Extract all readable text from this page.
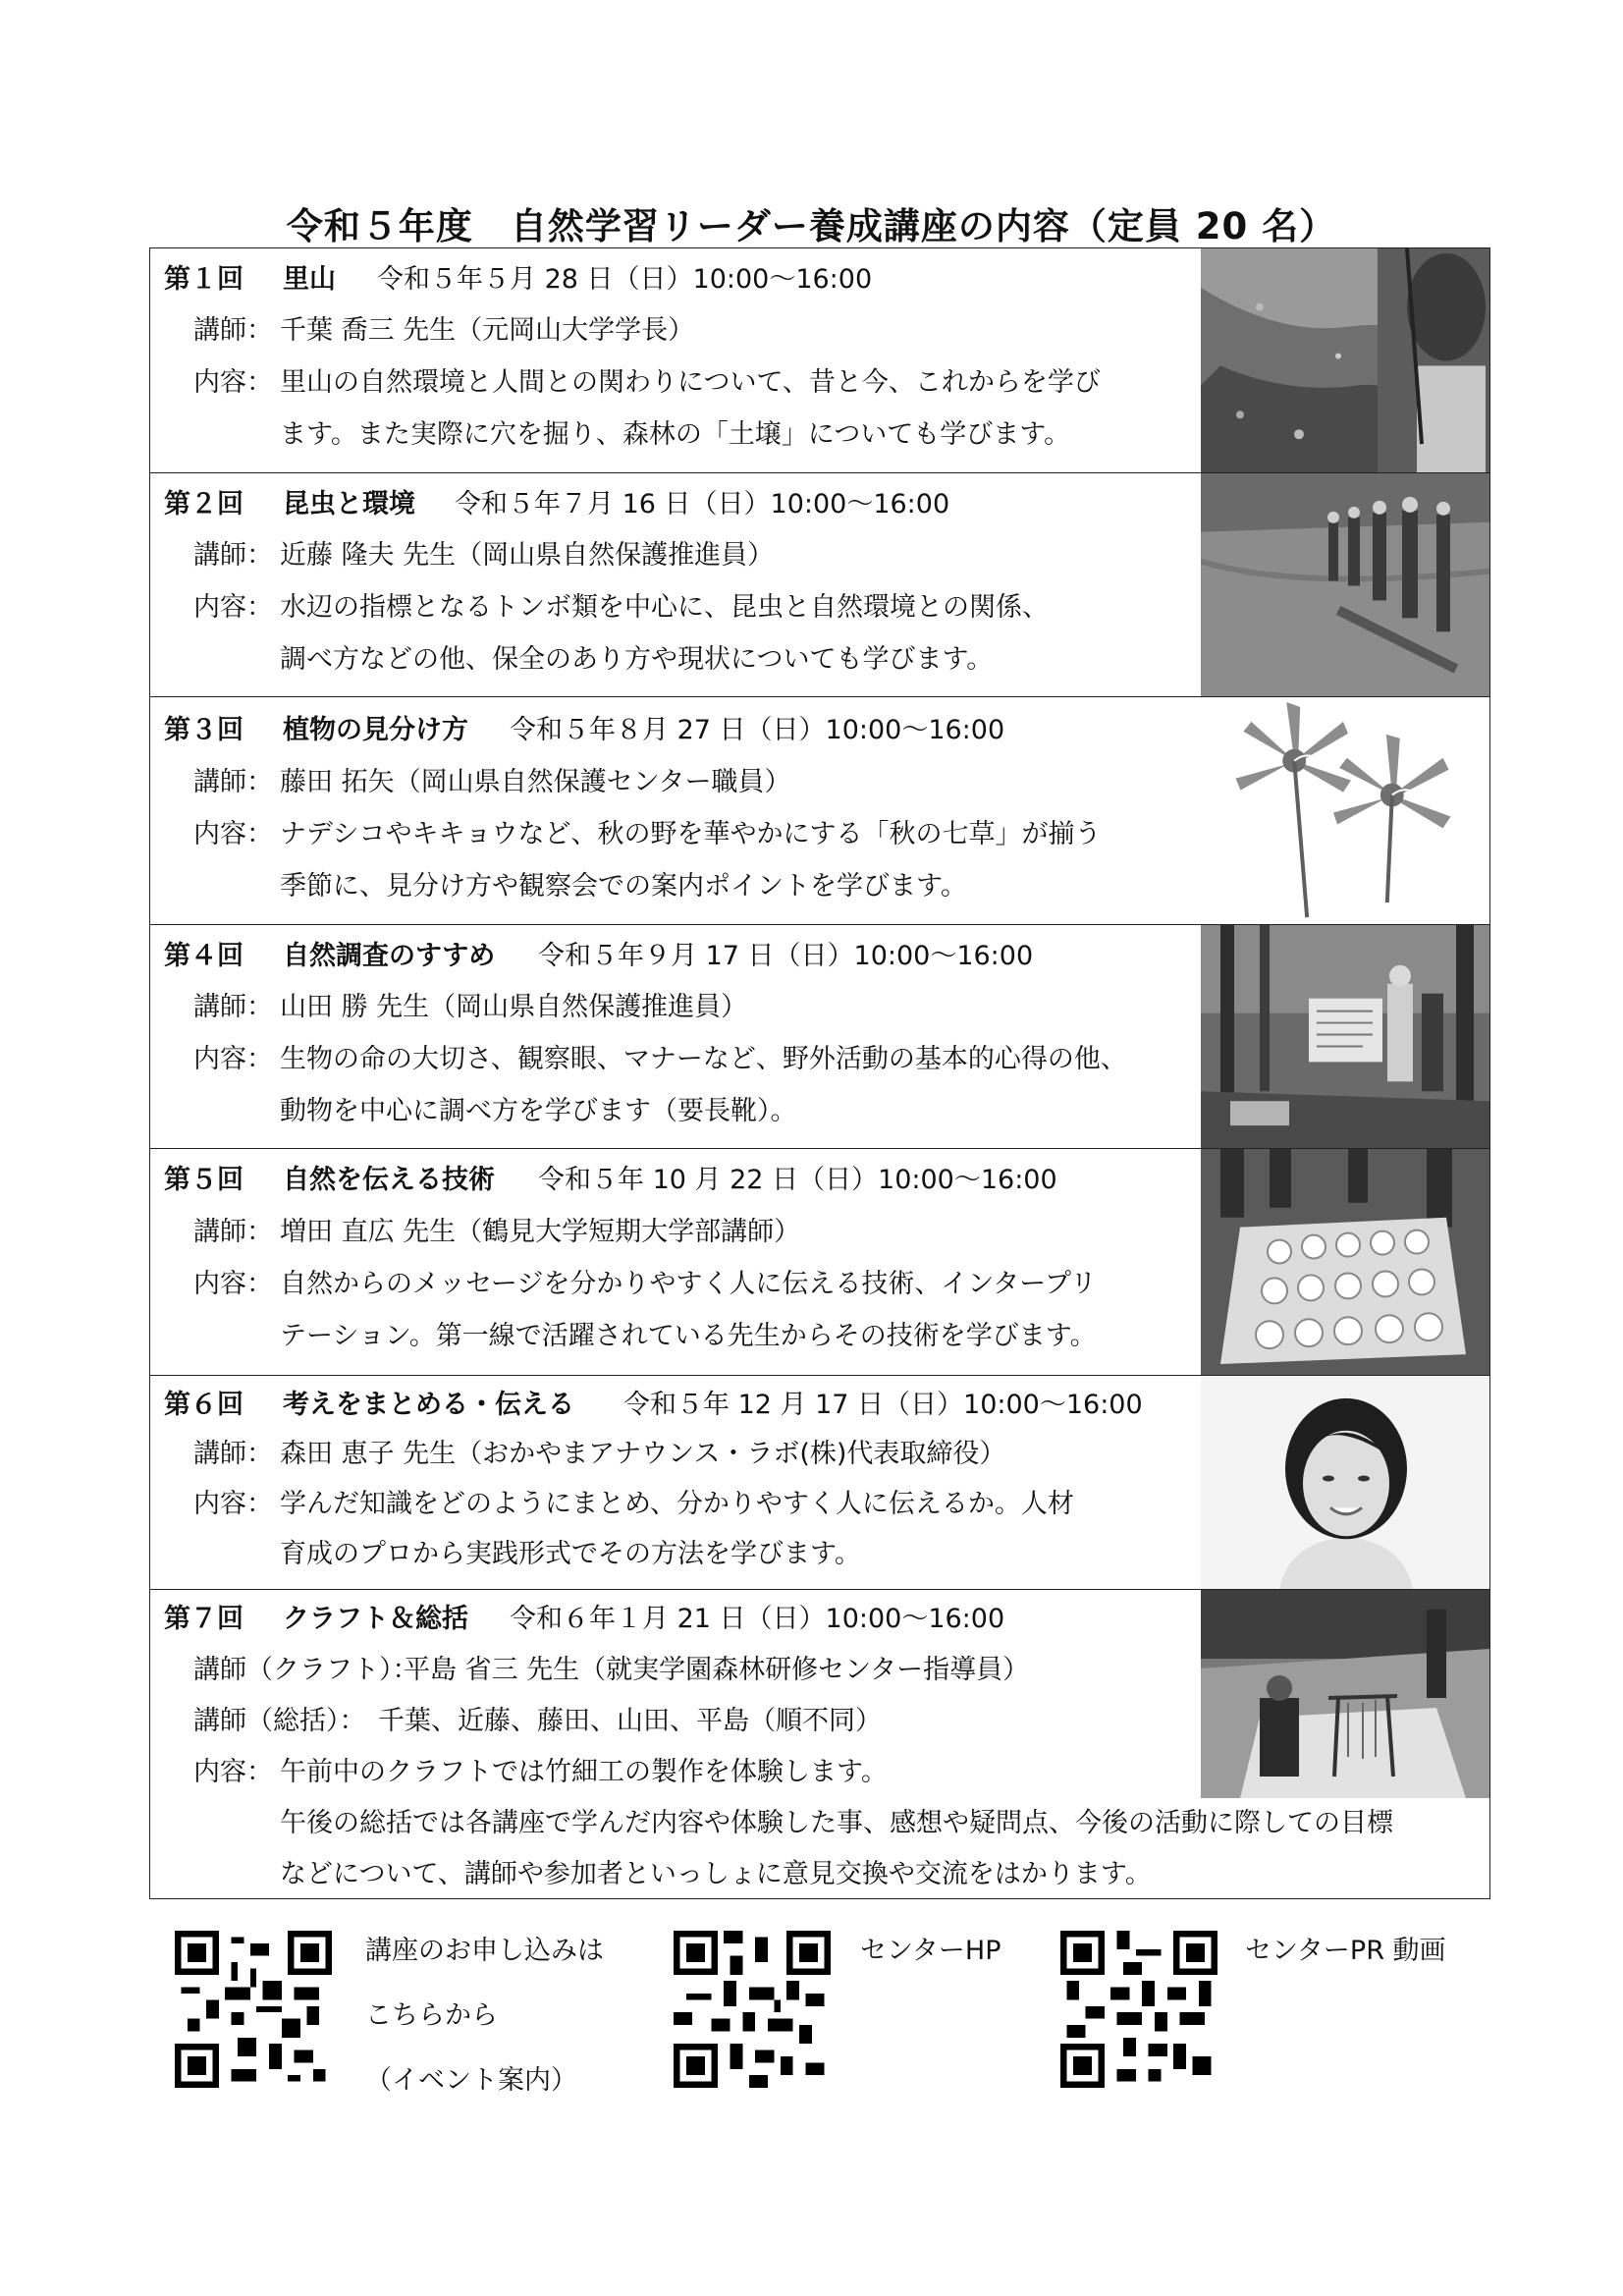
令和５年度　自然学習リーダー養成講座の内容（定員 20 名）
第１回 里山 令和５年５月 28 日（日）10:00～16:00
講師： 千葉 喬三 先生（元岡山大学学長）
内容： 里山の自然環境と人間との関わりについて、昔と今、これからを学び
ます。また実際に穴を掘り、森林の「土壌」についても学びます。
第２回 昆虫と環境 令和５年７月 16 日（日）10:00～16:00
講師： 近藤 隆夫 先生（岡山県自然保護推進員）
内容： 水辺の指標となるトンボ類を中心に、昆虫と自然環境との関係、
調べ方などの他、保全のあり方や現状についても学びます。
第３回 植物の見分け方 令和５年８月 27 日（日）10:00～16:00
講師： 藤田 拓矢（岡山県自然保護センター職員）
内容： ナデシコやキキョウなど、秋の野を華やかにする「秋の七草」が揃う
季節に、見分け方や観察会での案内ポイントを学びます。
第４回 自然調査のすすめ 令和５年９月 17 日（日）10:00～16:00
講師： 山田 勝 先生（岡山県自然保護推進員）
内容： 生物の命の大切さ、観察眼、マナーなど、野外活動の基本的心得の他、
動物を中心に調べ方を学びます（要長靴）。
第５回 自然を伝える技術 令和５年 10 月 22 日（日）10:00～16:00
講師： 増田 直広 先生（鶴見大学短期大学部講師）
内容： 自然からのメッセージを分かりやすく人に伝える技術、インタープリ
テーション。第一線で活躍されている先生からその技術を学びます。
第６回 考えをまとめる・伝える 令和５年 12 月 17 日（日）10:00～16:00
講師： 森田 恵子 先生（おかやまアナウンス・ラボ(株)代表取締役）
内容： 学んだ知識をどのようにまとめ、分かりやすく人に伝えるか。人材
育成のプロから実践形式でその方法を学びます。
第７回 クラフト＆総括 令和６年１月 21 日（日）10:00～16:00
講師（クラフト）：
平島 省三 先生（就実学園森林研修センター指導員）
講師（総括）： 千葉、近藤、藤田、山田、平島（順不同）
内容： 午前中のクラフトでは竹細工の製作を体験します。
午後の総括では各講座で学んだ内容や体験した事、感想や疑問点、今後の活動に際しての目標
などについて、講師や参加者といっしょに意見交換や交流をはかります。
講座のお申し込みは
こちらから
（イベント案内）
センターHP	センターPR 動画
